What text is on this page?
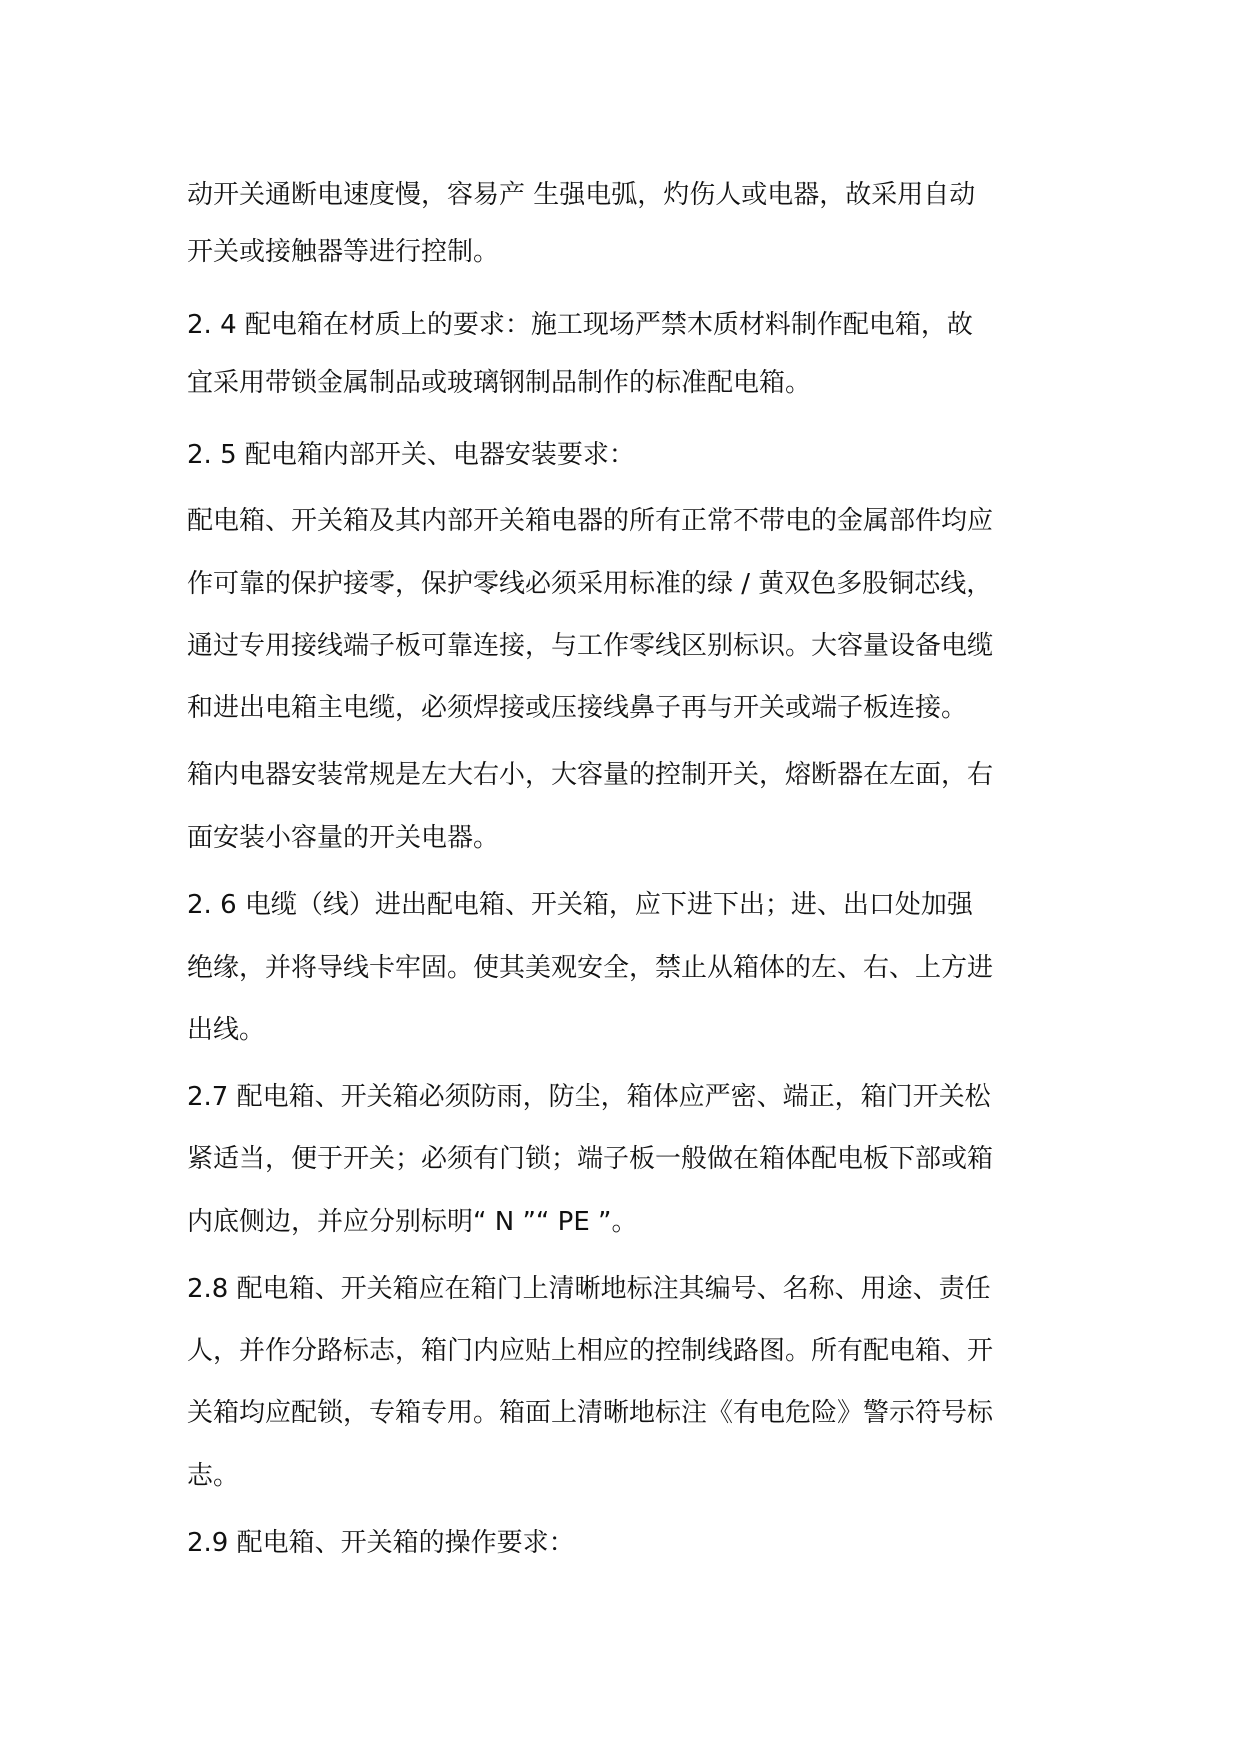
动开关通断电速度慢，容易产 生强电弧，灼伤人或电器，故采用自动

开关或接触器等进行控制。

2. 4 配电箱在材质上的要求：施工现场严禁木质材料制作配电箱，故

宜采用带锁金属制品或玻璃钢制品制作的标准配电箱。

2. 5 配电箱内部开关、电器安装要求：

配电箱、开关箱及其内部开关箱电器的所有正常不带电的金属部件均应

作可靠的保护接零，保护零线必须采用标准的绿 / 黄双色多股铜芯线，

通过专用接线端子板可靠连接，与工作零线区别标识。大容量设备电缆

和进出电箱主电缆，必须焊接或压接线鼻子再与开关或端子板连接。

箱内电器安装常规是左大右小，大容量的控制开关，熔断器在左面，右

面安装小容量的开关电器。

2. 6 电缆（线）进出配电箱、开关箱，应下进下出；进、出口处加强

绝缘，并将导线卡牢固。使其美观安全，禁止从箱体的左、右、上方进

出线。

2.7 配电箱、开关箱必须防雨，防尘，箱体应严密、端正，箱门开关松

紧适当，便于开关；必须有门锁；端子板一般做在箱体配电板下部或箱

内底侧边，并应分别标明“ N ”“ PE ”。

2.8 配电箱、开关箱应在箱门上清晰地标注其编号、名称、用途、责任

人，并作分路标志，箱门内应贴上相应的控制线路图。所有配电箱、开

关箱均应配锁，专箱专用。箱面上清晰地标注《有电危险》警示符号标

志。

2.9 配电箱、开关箱的操作要求：
